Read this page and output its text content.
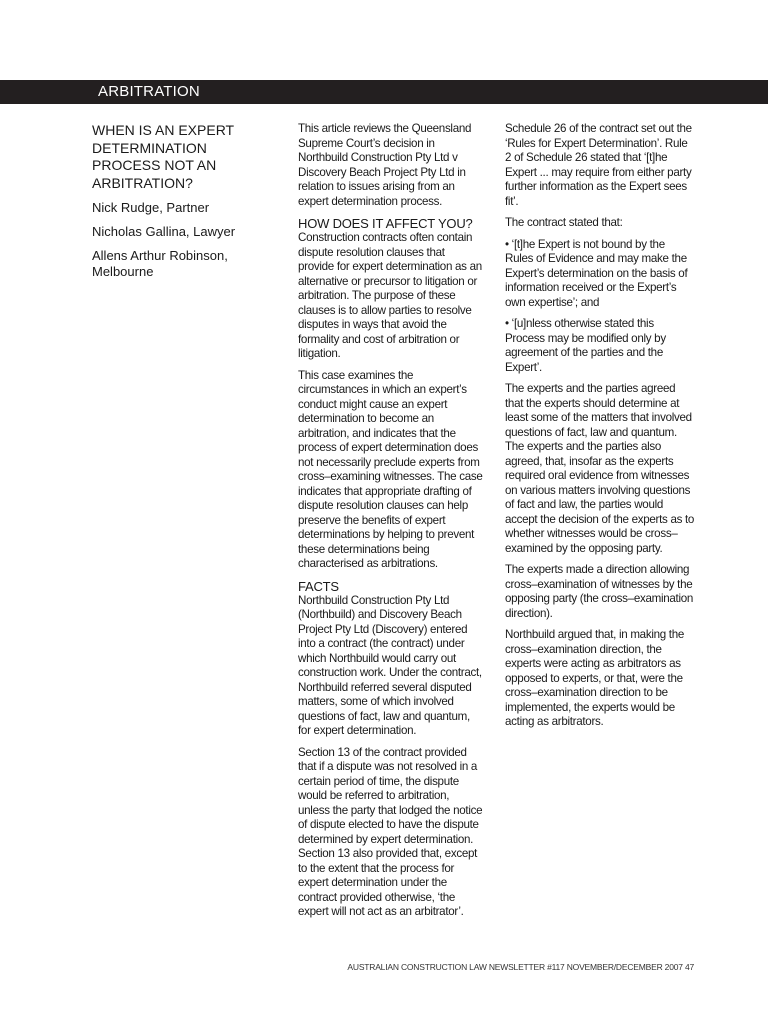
ARBITRATION
WHEN IS AN EXPERT DETERMINATION PROCESS NOT AN ARBITRATION?
Nick Rudge, Partner
Nicholas Gallina, Lawyer
Allens Arthur Robinson, Melbourne

This article reviews the Queensland Supreme Court’s decision in Northbuild Construction Pty Ltd v Discovery Beach Project Pty Ltd in relation to issues arising from an expert determination process.

HOW DOES IT AFFECT YOU?

Construction contracts often contain dispute resolution clauses that provide for expert determination as an alternative or precursor to litigation or arbitration. The purpose of these clauses is to allow parties to resolve disputes in ways that avoid the formality and cost of arbitration or litigation.

This case examines the circumstances in which an expert’s conduct might cause an expert determination to become an arbitration, and indicates that the process of expert determination does not necessarily preclude experts from cross–examining witnesses. The case indicates that appropriate drafting of dispute resolution clauses can help preserve the benefits of expert determinations by helping to prevent these determinations being characterised as arbitrations.

FACTS

Northbuild Construction Pty Ltd (Northbuild) and Discovery Beach Project Pty Ltd (Discovery) entered into a contract (the contract) under which Northbuild would carry out construction work. Under the contract, Northbuild referred several disputed matters, some of which involved questions of fact, law and quantum, for expert determination.

Section 13 of the contract provided that if a dispute was not resolved in a certain period of time, the dispute would be referred to arbitration, unless the party that lodged the notice of dispute elected to have the dispute determined by expert determination. Section 13 also provided that, except to the extent that the process for expert determination under the contract provided otherwise, ‘the expert will not act as an arbitrator’.

Schedule 26 of the contract set out the ‘Rules for Expert Determination’. Rule 2 of Schedule 26 stated that ‘[t]he Expert ... may require from either party further information as the Expert sees fit’.

The contract stated that:

• ‘[t]he Expert is not bound by the Rules of Evidence and may make the Expert’s determination on the basis of information received or the Expert’s own expertise’; and

• ‘[u]nless otherwise stated this Process may be modified only by agreement of the parties and the Expert’.

The experts and the parties agreed that the experts should determine at least some of the matters that involved questions of fact, law and quantum. The experts and the parties also agreed, that, insofar as the experts required oral evidence from witnesses on various matters involving questions of fact and law, the parties would accept the decision of the experts as to whether witnesses would be cross–examined by the opposing party.

The experts made a direction allowing cross–examination of witnesses by the opposing party (the cross–examination direction).

Northbuild argued that, in making the cross–examination direction, the experts were acting as arbitrators as opposed to experts, or that, were the cross–examination direction to be implemented, the experts would be acting as arbitrators.

AUSTRALIAN CONSTRUCTION LAW NEWSLETTER #117 NOVEMBER/DECEMBER 2007 47
